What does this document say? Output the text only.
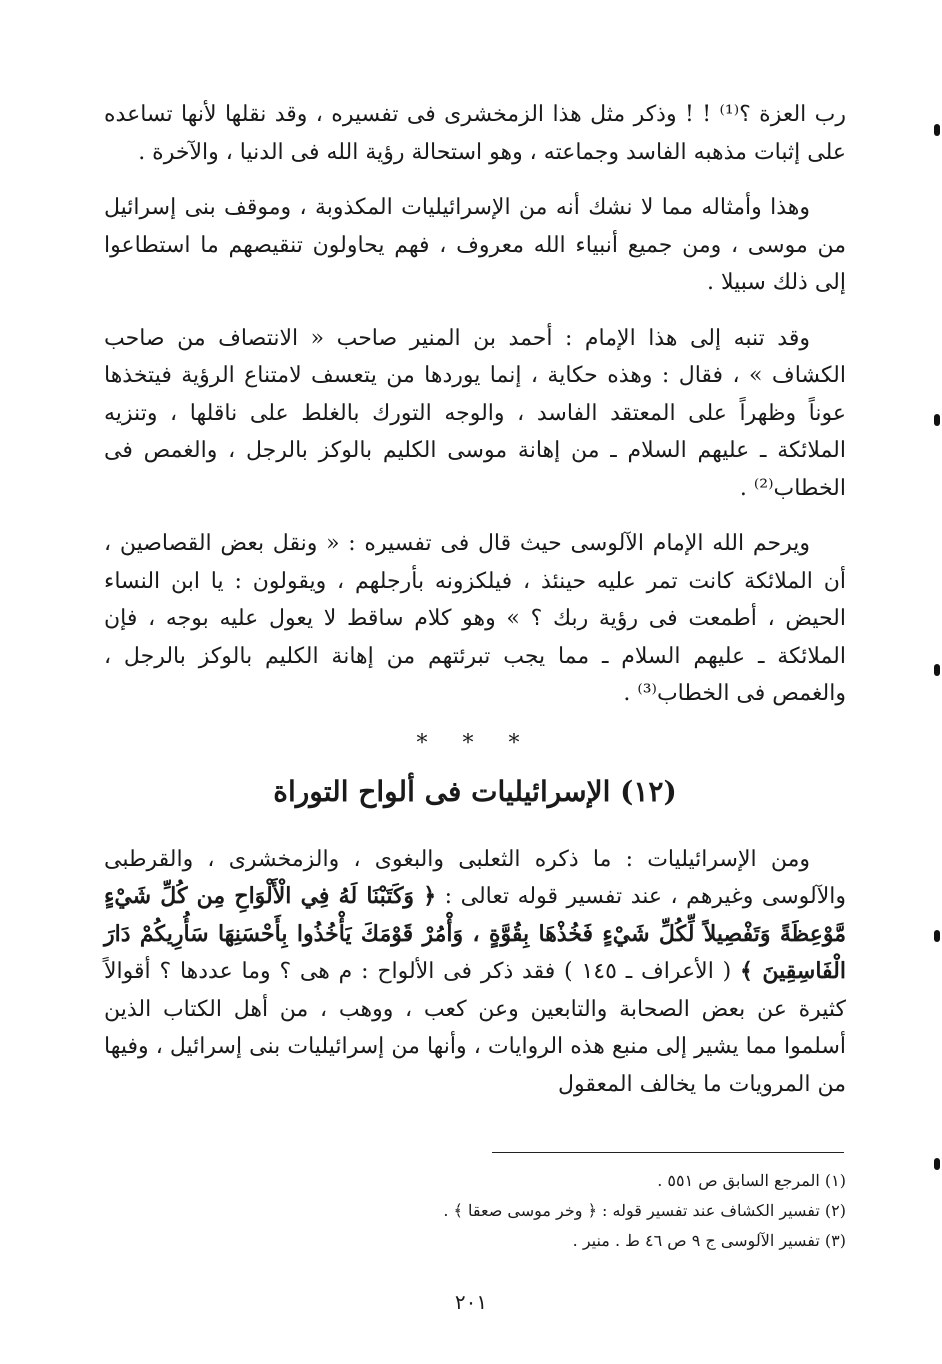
رب العزة ؟⁽¹⁾ ! ! وذكر مثل هذا الزمخشرى فى تفسيره ، وقد نقلها لأنها تساعده على إثبات مذهبه الفاسد وجماعته ، وهو استحالة رؤية الله فى الدنيا ، والآخرة .

وهذا وأمثاله مما لا نشك أنه من الإسرائيليات المكذوبة ، وموقف بنى إسرائيل من موسى ، ومن جميع أنبياء الله معروف ، فهم يحاولون تنقيصهم ما استطاعوا إلى ذلك سبيلا .

وقد تنبه إلى هذا الإمام : أحمد بن المنير صاحب « الانتصاف من صاحب الكشاف » ، فقال : وهذه حكاية ، إنما يوردها من يتعسف لامتناع الرؤية فيتخذها عوناً وظهراً على المعتقد الفاسد ، والوجه التورك بالغلط على ناقلها ، وتنزيه الملائكة ـ عليهم السلام ـ من إهانة موسى الكليم بالوكز بالرجل ، والغمص فى الخطاب⁽²⁾ .

ويرحم الله الإمام الآلوسى حيث قال فى تفسيره : « ونقل بعض القصاصين ، أن الملائكة كانت تمر عليه حينئذ ، فيلكزونه بأرجلهم ، ويقولون : يا ابن النساء الحيض ، أطمعت فى رؤية ربك ؟ » وهو كلام ساقط لا يعول عليه بوجه ، فإن الملائكة ـ عليهم السلام ـ مما يجب تبرئتهم من إهانة الكليم بالوكز بالرجل ، والغمص فى الخطاب⁽³⁾ .

* * *
(١٢) الإسرائيليات فى ألواح التوراة

ومن الإسرائيليات : ما ذكره الثعلبى والبغوى ، والزمخشرى ، والقرطبى والآلوسى وغيرهم ، عند تفسير قوله تعالى : ﴿ وَكَتَبْنَا لَهُ فِي الْأَلْوَاحِ مِن كُلِّ شَيْءٍ مَّوْعِظَةً وَتَفْصِيلاً لِّكُلِّ شَيْءٍ فَخُذْهَا بِقُوَّةٍ ، وَأْمُرْ قَوْمَكَ يَأْخُذُوا بِأَحْسَنِهَا سَأُرِيكُمْ دَارَ الْفَاسِقِينَ ﴾ ( الأعراف ـ ١٤٥ ) فقد ذكر فى الألواح : م هى ؟ وما عددها ؟ أقوالاً كثيرة عن بعض الصحابة والتابعين وعن كعب ، ووهب ، من أهل الكتاب الذين أسلموا مما يشير إلى منبع هذه الروايات ، وأنها من إسرائيليات بنى إسرائيل ، وفيها من المرويات ما يخالف المعقول

(١) المرجع السابق ص ٥٥١ .

(٢) تفسير الكشاف عند تفسير قوله : ﴿ وخر موسى صعقا ﴾ .

(٣) تفسير الآلوسى ج ٩ ص ٤٦ ط . منير .

٢٠١
